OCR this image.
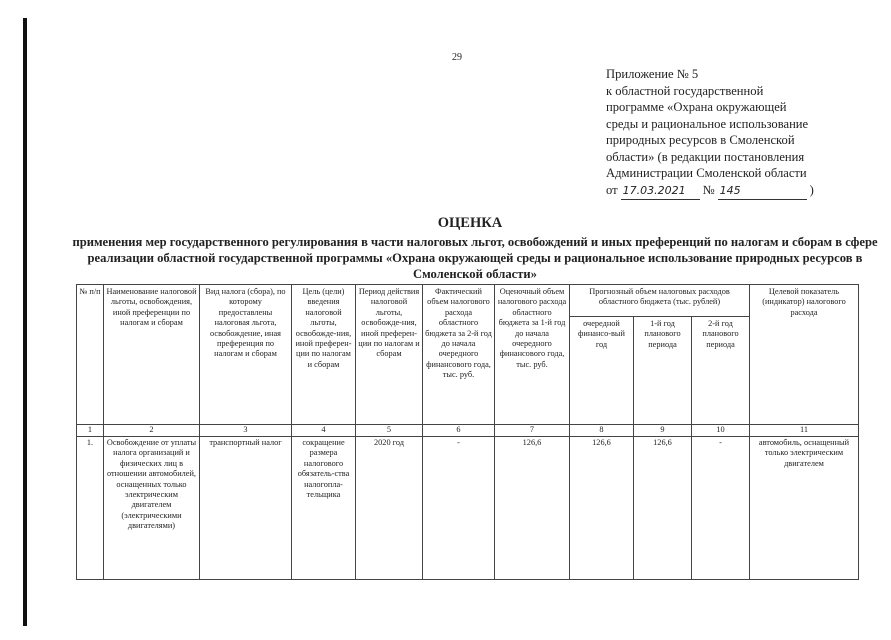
29
Приложение № 5
к областной государственной
программе «Охрана окружающей
среды и рациональное использование
природных ресурсов в Смоленской
области» (в редакции постановления
Администрации Смоленской области
от 17.03.2021	№ 145	)
ОЦЕНКА
применения мер государственного регулирования в части налоговых льгот, освобождений и иных преференций по налогам и сборам в сфере реализации областной государственной программы «Охрана окружающей среды и рациональное использование природных ресурсов в Смоленской области»
№ п/п	Наименование налоговой льготы, освобождения, иной преференции по налогам и сборам	Вид налога (сбора), по которому предоставлены налоговая льгота, освобождение, иная преференция по налогам и сборам	Цель (цели) введения налоговой льготы, освобожде-ния, иной преферен-ции по налогам и сборам	Период действия налоговой льготы, освобожде-ния, иной преферен-ции по налогам и сборам	Фактический объем налогового расхода областного бюджета за 2-й год до начала очередного финансового года, тыс. руб.	Оценочный объем налогового расхода областного бюджета за 1-й год до начала очередного финансового года, тыс. руб.	Прогнозный объем налоговых расходов областного бюджета (тыс. рублей)			Целевой показатель (индикатор) налогового расхода
							очередной финансо-вый год	1-й год планового периода	2-й год планового периода	
1	2	3	4	5	6	7	8	9	10	11
1.	Освобождение от уплаты налога организаций и физических лиц в отношении автомобилей, оснащенных только электрическим двигателем (электрическими двигателями)	транспортный налог	сокращение размера налогового обязатель-ства налогопла-тельщика	2020 год	-	126,6	126,6	126,6	-	автомобиль, оснащенный только электрическим двигателем
